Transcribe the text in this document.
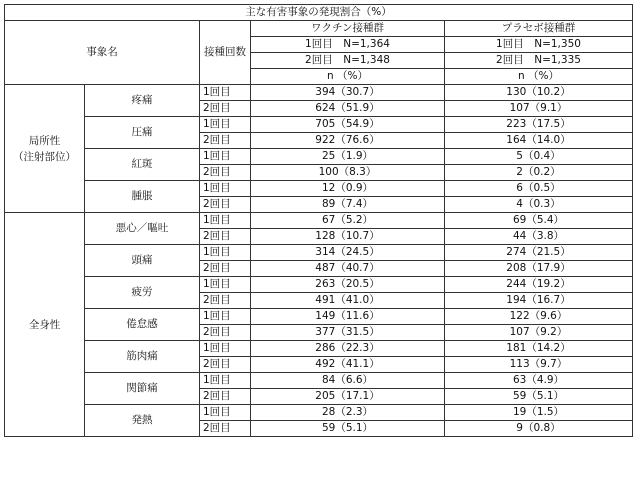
主な有害事象の発現割合（%）				
事象名		接種回数	ワクチン接種群	プラセボ接種群
			1回目　N=1,364	1回目　N=1,350
			2回目　N=1,348	2回目　N=1,335
			n （%）	n （%）
局所性
（注射部位）	疼痛	1回目	394（30.7）	130（10.2）
		2回目	624（51.9）	107（9.1）
	圧痛	1回目	705（54.9）	223（17.5）
		2回目	922（76.6）	164（14.0）
	紅斑	1回目	25（1.9）	5（0.4）
		2回目	100（8.3）	2（0.2）
	腫脹	1回目	12（0.9）	6（0.5）
		2回目	89（7.4）	4（0.3）
全身性	悪心／嘔吐	1回目	67（5.2）	69（5.4）
		2回目	128（10.7）	44（3.8）
	頭痛	1回目	314（24.5）	274（21.5）
		2回目	487（40.7）	208（17.9）
	疲労	1回目	263（20.5）	244（19.2）
		2回目	491（41.0）	194（16.7）
	倦怠感	1回目	149（11.6）	122（9.6）
		2回目	377（31.5）	107（9.2）
	筋肉痛	1回目	286（22.3）	181（14.2）
		2回目	492（41.1）	113（9.7）
	関節痛	1回目	84（6.6）	63（4.9）
		2回目	205（17.1）	59（5.1）
	発熱	1回目	28（2.3）	19（1.5）
		2回目	59（5.1）	9（0.8）
